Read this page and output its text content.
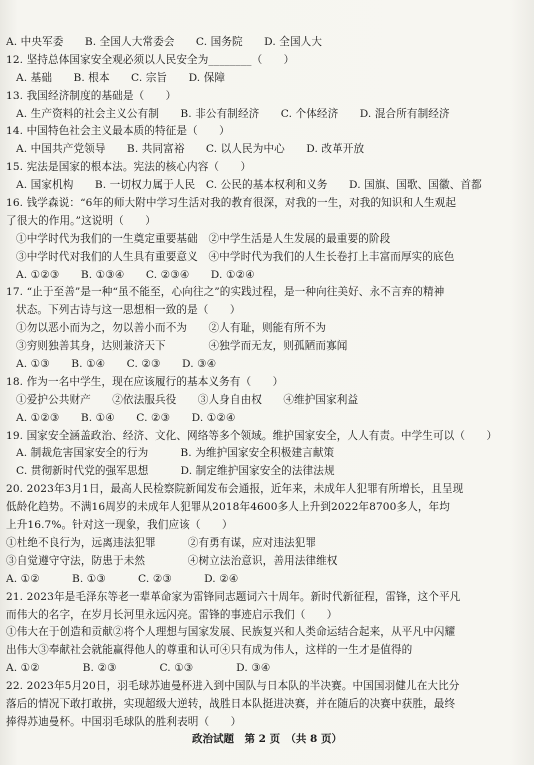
A. 中央军委　　B. 全国人大常委会　　C. 国务院　　D. 全国人大
12. 坚持总体国家安全观必须以人民安全为________（　　）
A. 基础　　B. 根本　　C. 宗旨　　D. 保障
13. 我国经济制度的基础是（　　）
A. 生产资料的社会主义公有制　　B. 非公有制经济　　C. 个体经济　　D. 混合所有制经济
14. 中国特色社会主义最本质的特征是（　　）
A. 中国共产党领导　　B. 共同富裕　　C. 以人民为中心　　D. 改革开放
15. 宪法是国家的根本法。宪法的核心内容（　　）
A. 国家机构　　B. 一切权力属于人民　C. 公民的基本权利和义务　　D. 国旗、国歌、国徽、首都
16. 钱学森说：“6年的师大附中学习生活对我的教育很深，对我的一生，对我的知识和人生观起
了很大的作用。”这说明（　　）
①中学时代为我们的一生奠定重要基础　②中学生活是人生发展的最重要的阶段
③中学时代对我们的人生具有重要意义　④中学时代为我们的人生长卷打上丰富而厚实的底色
A. ①②③　　B. ①③④　　C. ②③④　　D. ①②④
17. “止于至善”是一种“虽不能至，心向往之”的实践过程，是一种向往美好、永不言弃的精神
状态。下列古诗与这一思想相一致的是（　　）
①勿以恶小而为之，勿以善小而不为　　②人有耻，则能有所不为
③穷则独善其身，达则兼济天下　　　　④独学而无友，则孤陋而寡闻
A. ①③　　B. ①④　　C. ②③　　D. ③④
18. 作为一名中学生，现在应该履行的基本义务有（　　）
①爱护公共财产　　②依法服兵役　　③人身自由权　　④维护国家利益
A. ①②③　　B. ①④　　C. ②③　　D. ①②④
19. 国家安全涵盖政治、经济、文化、网络等多个领域。维护国家安全，人人有责。中学生可以（　　）
A. 制裁危害国家安全的行为　　　B. 为维护国家安全积极建言献策
C. 贯彻新时代党的强军思想　　　D. 制定维护国家安全的法律法规
20. 2023年3月1日，最高人民检察院新闻发布会通报，近年来，未成年人犯罪有所增长，且呈现
低龄化趋势。不满16周岁的未成年人犯罪从2018年4600多人上升到2022年8700多人，年均
上升16.7%。针对这一现象，我们应该（　　）
①杜绝不良行为，远离违法犯罪　　　②有勇有谋，应对违法犯罪
③自觉遵守守法，防患于未然　　　　④树立法治意识，善用法律维权
A. ①②　　　B. ①③　　　C. ②③　　　D. ②④
21. 2023年是毛泽东等老一辈革命家为雷锋同志题词六十周年。新时代新征程，雷锋，这个平凡
而伟大的名字，在岁月长河里永远闪亮。雷锋的事迹启示我们（　　）
①伟大在于创造和贡献②将个人理想与国家发展、民族复兴和人类命运结合起来，从平凡中闪耀
出伟大③奉献社会就能赢得他人的尊重和认可④只有成为伟人，这样的一生才是值得的
A. ①②　　　　B. ②③　　　　C. ①③　　　　D. ③④
22. 2023年5月20日，羽毛球苏迪曼杯进入到中国队与日本队的半决赛。中国国羽健儿在大比分
落后的情况下敢打敢拼，实现超级大逆转，战胜日本队挺进决赛，并在随后的决赛中获胜，最终
捧得苏迪曼杯。中国羽毛球队的胜利表明（　　）
政治试题　第 2 页　（共 8 页）
